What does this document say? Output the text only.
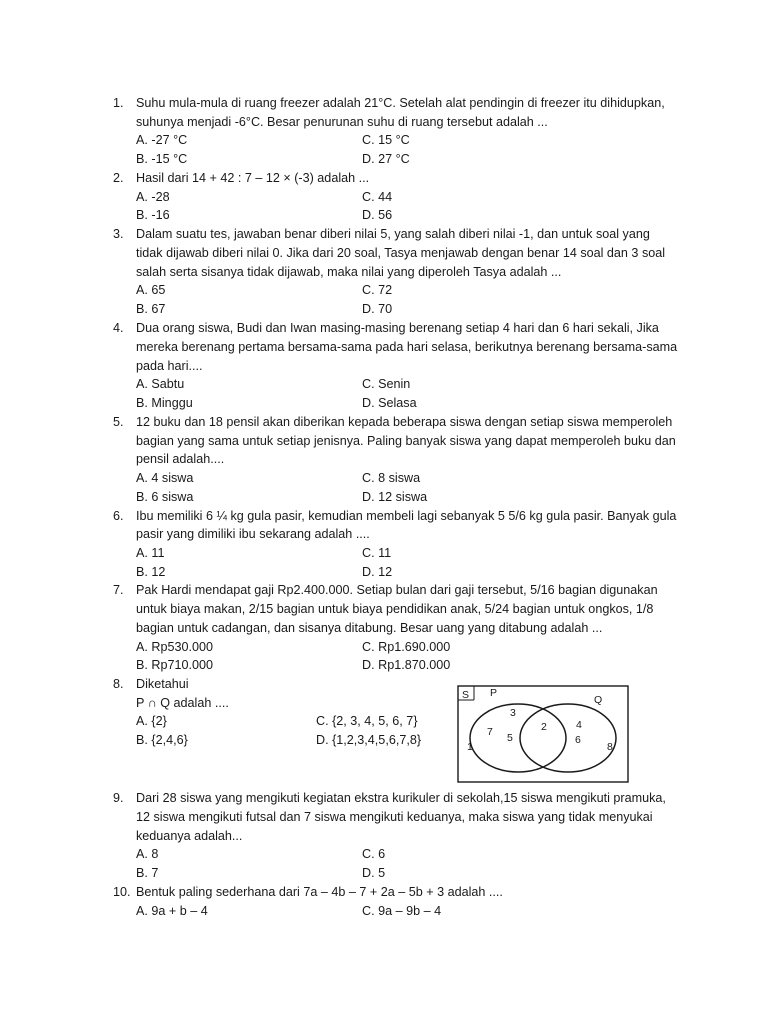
1. Suhu mula-mula di ruang freezer adalah 21°C. Setelah alat pendingin di freezer itu dihidupkan,
suhunya menjadi -6°C. Besar penurunan suhu di ruang tersebut adalah ...
A. -27 °C	C. 15 °C
B. -15 °C	D. 27 °C
2. Hasil dari 14 + 42 : 7 – 12 × (-3) adalah ...
A. -28	C. 44
B. -16	D. 56
3. Dalam suatu tes, jawaban benar diberi nilai 5, yang salah diberi nilai -1, dan untuk soal yang
tidak dijawab diberi nilai 0. Jika dari 20 soal, Tasya menjawab dengan benar 14 soal dan 3 soal
salah serta sisanya tidak dijawab, maka nilai yang diperoleh Tasya adalah ...
A. 65	C. 72
B. 67	D. 70
4. Dua orang siswa, Budi dan Iwan masing-masing berenang setiap 4 hari dan 6 hari sekali, Jika
mereka berenang pertama bersama-sama pada hari selasa, berikutnya berenang bersama-sama
pada hari....
A. Sabtu	C. Senin
B. Minggu	D. Selasa
5. 12 buku dan 18 pensil akan diberikan kepada beberapa siswa dengan setiap siswa memperoleh
bagian yang sama untuk setiap jenisnya. Paling banyak siswa yang dapat memperoleh buku dan
pensil adalah....
A. 4 siswa	C. 8 siswa
B. 6 siswa	D. 12 siswa
6. Ibu memiliki 6 ¼ kg gula pasir, kemudian membeli lagi sebanyak 5 5/6 kg gula pasir. Banyak gula
pasir yang dimiliki ibu sekarang adalah ....
A. 11	C. 11
B. 12	D. 12
7. Pak Hardi mendapat gaji Rp2.400.000. Setiap bulan dari gaji tersebut, 5/16 bagian digunakan
untuk biaya makan, 2/15 bagian untuk biaya pendidikan anak, 5/24 bagian untuk ongkos, 1/8
bagian untuk cadangan, dan sisanya ditabung. Besar uang yang ditabung adalah ...
A. Rp530.000	C. Rp1.690.000
B. Rp710.000	D. Rp1.870.000
8. Diketahui
P ∩ Q adalah ....
A. {2}	C. {2, 3, 4, 5, 6, 7}
B. {2,4,6}	D. {1,2,3,4,5,6,7,8}
S P
Q
3
7 5
2	4
6
1	8
9. Dari 28 siswa yang mengikuti kegiatan ekstra kurikuler di sekolah,15 siswa mengikuti pramuka,
12 siswa mengikuti futsal dan 7 siswa mengikuti keduanya, maka siswa yang tidak menyukai
keduanya adalah...
A. 8	C. 6
B. 7	D. 5
10. Bentuk paling sederhana dari 7a – 4b – 7 + 2a – 5b + 3 adalah ....
A. 9a + b – 4	C. 9a – 9b – 4
